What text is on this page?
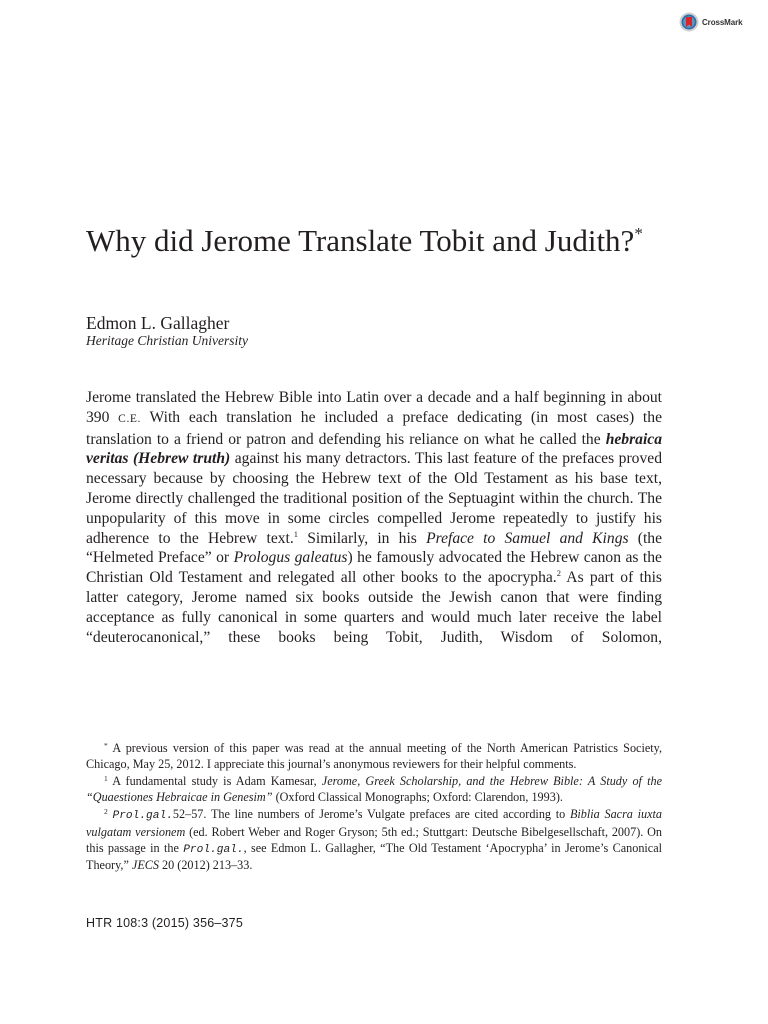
CrossMark
Why did Jerome Translate Tobit and Judith?*
Edmon L. Gallagher
Heritage Christian University

Jerome translated the Hebrew Bible into Latin over a decade and a half beginning in about 390 C.E. With each translation he included a preface dedicating (in most cases) the translation to a friend or patron and defending his reliance on what he called the hebraica veritas (Hebrew truth) against his many detractors. This last feature of the prefaces proved necessary because by choosing the Hebrew text of the Old Testament as his base text, Jerome directly challenged the traditional position of the Septuagint within the church. The unpopularity of this move in some circles compelled Jerome repeatedly to justify his adherence to the Hebrew text.$^1$ Similarly, in his Preface to Samuel and Kings (the “Helmeted Preface” or Prologus galeatus) he famously advocated the Hebrew canon as the Christian Old Testament and relegated all other books to the apocrypha.$^2$ As part of this latter category, Jerome named six books outside the Jewish canon that were finding acceptance as fully canonical in some quarters and would much later receive the label “deuterocanonical,” these books being Tobit, Judith, Wisdom of Solomon,

* A previous version of this paper was read at the annual meeting of the North American Patristics Society, Chicago, May 25, 2012. I appreciate this journal’s anonymous reviewers for their helpful comments.

$^1$ A fundamental study is Adam Kamesar, Jerome, Greek Scholarship, and the Hebrew Bible: A Study of the “Quaestiones Hebraicae in Genesim” (Oxford Classical Monographs; Oxford: Clarendon, 1993).

$^2$ Prol.gal.52–57. The line numbers of Jerome’s Vulgate prefaces are cited according to Biblia Sacra iuxta vulgatam versionem (ed. Robert Weber and Roger Gryson; 5th ed.; Stuttgart: Deutsche Bibelgesellschaft, 2007). On this passage in the Prol.gal., see Edmon L. Gallagher, “The Old Testament ‘Apocrypha’ in Jerome’s Canonical Theory,” JECS 20 (2012) 213–33.

HTR 108:3 (2015) 356–375
